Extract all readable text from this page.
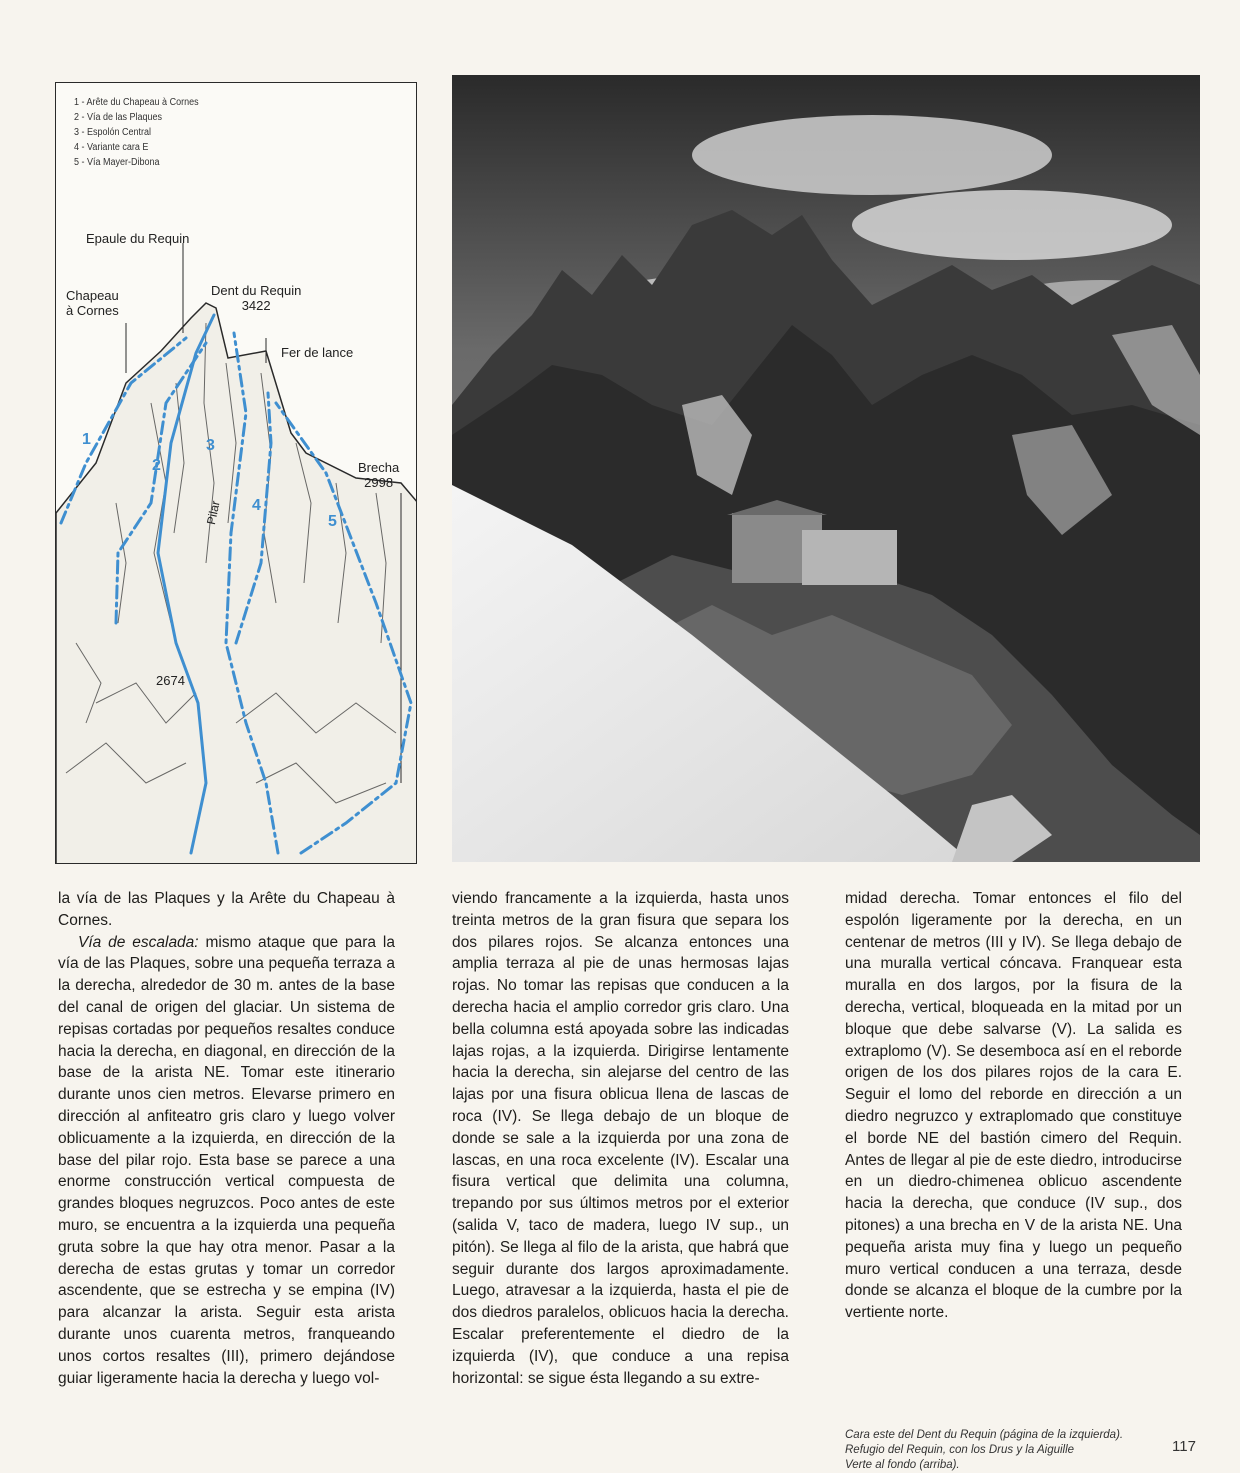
1 - Arête du Chapeau à Cornes
2 - Vía de las Plaques
3 - Espolón Central
4 - Variante cara E
5 - Vía Mayer-Dibona
Epaule du Requin
Chapeau
à Cornes
Dent du Requin
3422
Fer de lance
Brecha
2998
2674
Pilar
1
2
3
4
5

la vía de las Plaques y la Arête du Chapeau à Cornes.

Vía de escalada: mismo ataque que para la vía de las Plaques, sobre una pequeña terraza a la derecha, alrededor de 30 m. antes de la base del canal de origen del glaciar. Un sistema de repisas cortadas por pequeños resaltes conduce hacia la derecha, en diagonal, en dirección de la base de la arista NE. Tomar este itinerario durante unos cien metros. Elevarse primero en dirección al anfiteatro gris claro y luego volver oblicuamente a la izquierda, en dirección de la base del pilar rojo. Esta base se parece a una enorme construcción vertical compuesta de grandes bloques negruzcos. Poco antes de este muro, se encuentra a la izquierda una pequeña gruta sobre la que hay otra menor. Pasar a la derecha de estas grutas y tomar un corredor ascendente, que se estrecha y se empina (IV) para alcanzar la arista. Seguir esta arista durante unos cuarenta metros, franqueando unos cortos resaltes (III), primero dejándose guiar ligeramente hacia la derecha y luego vol-

viendo francamente a la izquierda, hasta unos treinta metros de la gran fisura que separa los dos pilares rojos. Se alcanza entonces una amplia terraza al pie de unas hermosas lajas rojas. No tomar las repisas que conducen a la derecha hacia el amplio corredor gris claro. Una bella columna está apoyada sobre las indicadas lajas rojas, a la izquierda. Dirigirse lentamente hacia la derecha, sin alejarse del centro de las lajas por una fisura oblicua llena de lascas de roca (IV). Se llega debajo de un bloque de donde se sale a la izquierda por una zona de lascas, en una roca excelente (IV). Escalar una fisura vertical que delimita una columna, trepando por sus últimos metros por el exterior (salida V, taco de madera, luego IV sup., un pitón). Se llega al filo de la arista, que habrá que seguir durante dos largos aproximadamente. Luego, atravesar a la izquierda, hasta el pie de dos diedros paralelos, oblicuos hacia la derecha. Escalar preferentemente el diedro de la izquierda (IV), que conduce a una repisa horizontal: se sigue ésta llegando a su extre-

midad derecha. Tomar entonces el filo del espolón ligeramente por la derecha, en un centenar de metros (III y IV). Se llega debajo de una muralla vertical cóncava. Franquear esta muralla en dos largos, por la fisura de la derecha, vertical, bloqueada en la mitad por un bloque que debe salvarse (V). La salida es extraplomo (V). Se desemboca así en el reborde origen de los dos pilares rojos de la cara E. Seguir el lomo del reborde en dirección a un diedro negruzco y extraplomado que constituye el borde NE del bastión cimero del Requin. Antes de llegar al pie de este diedro, introducirse en un diedro-chimenea oblicuo ascendente hacia la derecha, que conduce (IV sup., dos pitones) a una brecha en V de la arista NE. Una pequeña arista muy fina y luego un pequeño muro vertical conducen a una terraza, desde donde se alcanza el bloque de la cumbre por la vertiente norte.

Cara este del Dent du Requin (página de la izquierda).
Refugio del Requin, con los Drus y la Aiguille
Verte al fondo (arriba).
117
